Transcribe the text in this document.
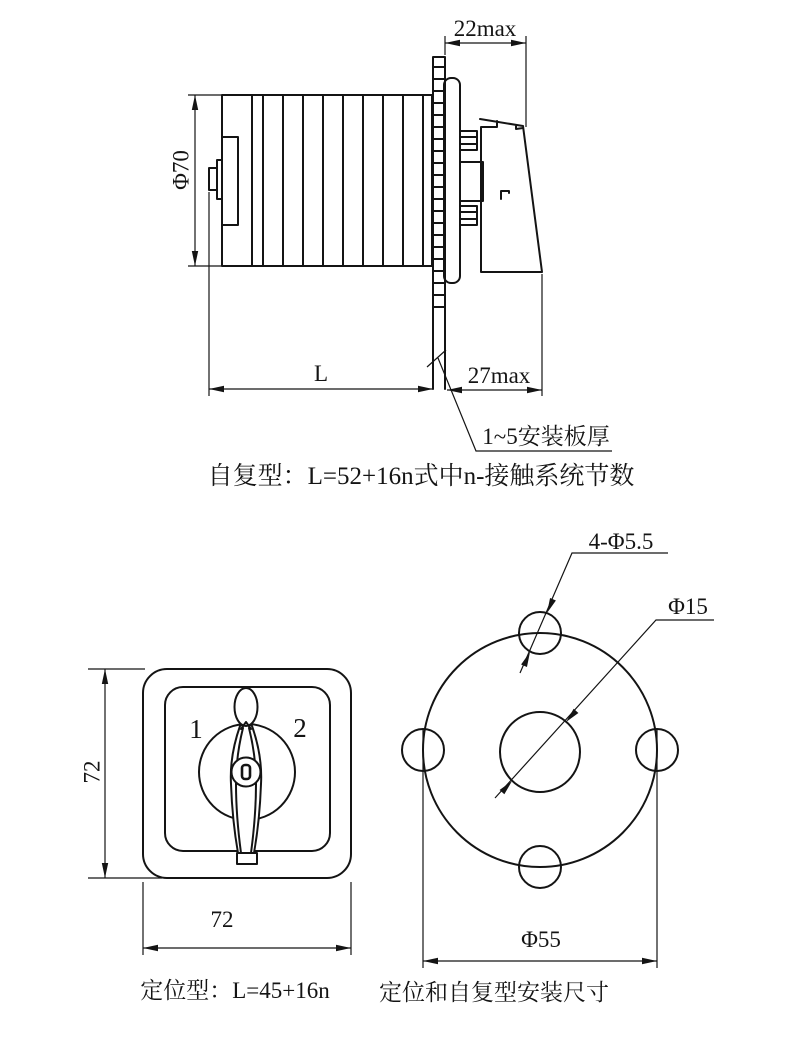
Φ70
22max
L	27max
1~5安装板厚
自复型：L=52+16n式中n-接触系统节数
1	2
72
72
定位型：L=45+16n
4-Φ5.5
Φ15
Φ55
定位和自复型安装尺寸
